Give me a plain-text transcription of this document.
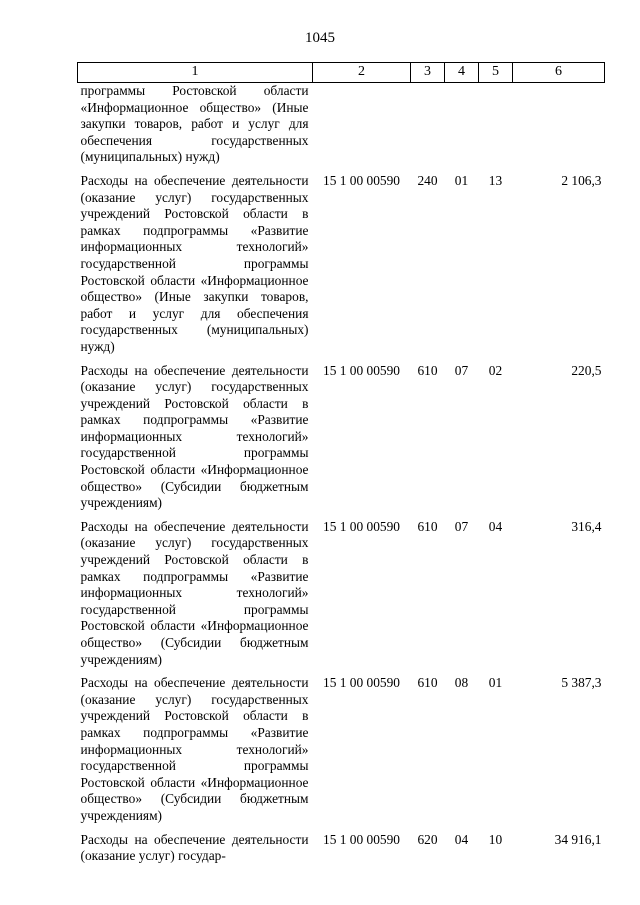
1045
1	2	3	4	5	6
программы Ростовской области «Информационное общество» (Иные закупки товаров, работ и услуг для обеспечения государственных (муниципальных) нужд)					
Расходы на обеспечение деятельности (оказание услуг) государственных учреждений Ростовской области в рамках подпрограммы «Развитие информационных технологий» государственной программы Ростовской области «Информационное общество» (Иные закупки товаров, работ и услуг для обеспечения государственных (муниципальных) нужд)	15 1 00 00590	240	01	13	2 106,3
Расходы на обеспечение деятельности (оказание услуг) государственных учреждений Ростовской области в рамках подпрограммы «Развитие информационных технологий» государственной программы Ростовской области «Информационное общество» (Субсидии бюджетным учреждениям)	15 1 00 00590	610	07	02	220,5
Расходы на обеспечение деятельности (оказание услуг) государственных учреждений Ростовской области в рамках подпрограммы «Развитие информационных технологий» государственной программы Ростовской области «Информационное общество» (Субсидии бюджетным учреждениям)	15 1 00 00590	610	07	04	316,4
Расходы на обеспечение деятельности (оказание услуг) государственных учреждений Ростовской области в рамках подпрограммы «Развитие информационных технологий» государственной программы Ростовской области «Информационное общество» (Субсидии бюджетным учреждениям)	15 1 00 00590	610	08	01	5 387,3
Расходы на обеспечение деятельности (оказание услуг) государ-	15 1 00 00590	620	04	10	34 916,1
